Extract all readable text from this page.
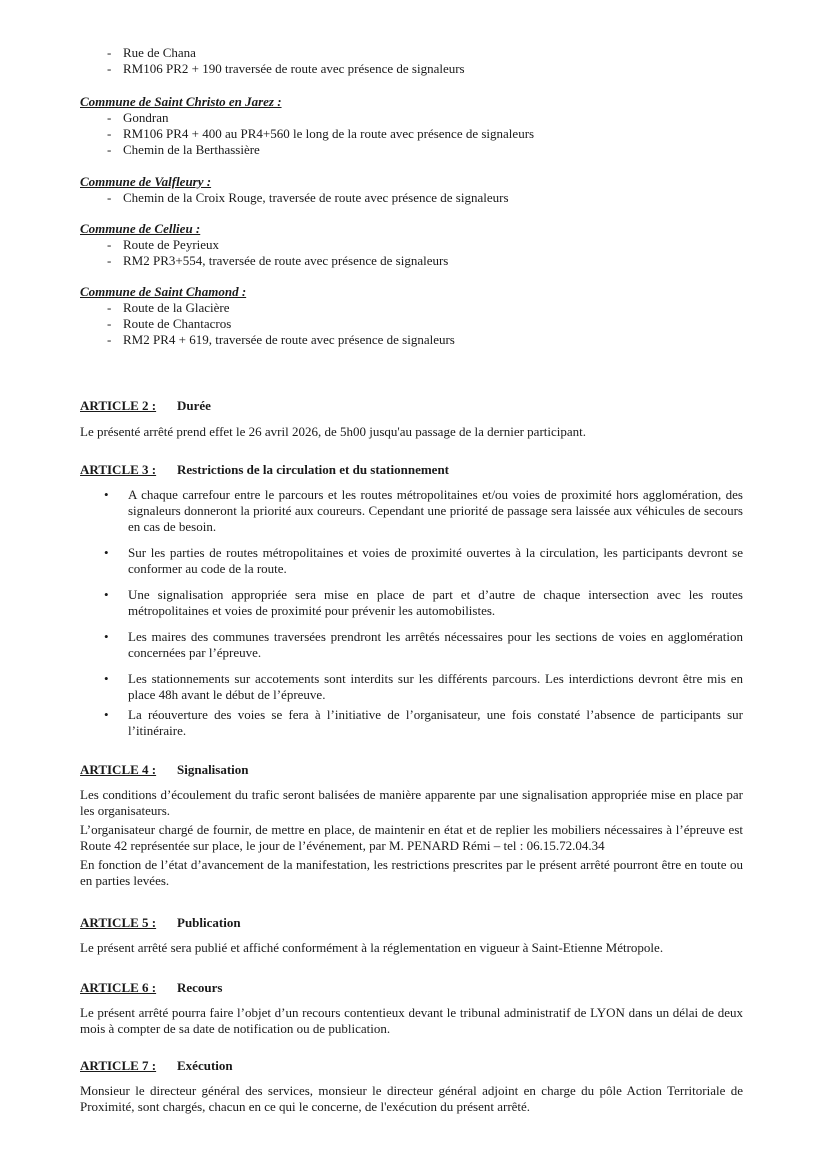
- Rue de Chana
- RM106 PR2 + 190 traversée de route avec présence de signaleurs
Commune de Saint Christo en Jarez :
- Gondran
- RM106 PR4 + 400 au PR4+560 le long de la route avec présence de signaleurs
- Chemin de la Berthassière
Commune de Valfleury :
- Chemin de la Croix Rouge, traversée de route avec présence de signaleurs
Commune de Cellieu :
- Route de Peyrieux
- RM2 PR3+554, traversée de route avec présence de signaleurs
Commune de Saint Chamond :
- Route de la Glacière
- Route de Chantacros
- RM2 PR4 + 619, traversée de route avec présence de signaleurs
ARTICLE 2 : Durée

Le présenté arrêté prend effet le 26 avril 2026, de 5h00 jusqu'au passage de la dernier participant.

ARTICLE 3 : Restrictions de la circulation et du stationnement
• A chaque carrefour entre le parcours et les routes métropolitaines et/ou voies de proximité hors agglomération, des signaleurs donneront la priorité aux coureurs. Cependant une priorité de passage sera laissée aux véhicules de secours en cas de besoin.
• Sur les parties de routes métropolitaines et voies de proximité ouvertes à la circulation, les participants devront se conformer au code de la route.
• Une signalisation appropriée sera mise en place de part et d’autre de chaque intersection avec les routes métropolitaines et voies de proximité pour prévenir les automobilistes.
• Les maires des communes traversées prendront les arrêtés nécessaires pour les sections de voies en agglomération concernées par l’épreuve.
• Les stationnements sur accotements sont interdits sur les différents parcours. Les interdictions devront être mis en place 48h avant le début de l’épreuve.
• La réouverture des voies se fera à l’initiative de l’organisateur, une fois constaté l’absence de participants sur l’itinéraire.
ARTICLE 4 : Signalisation

Les conditions d’écoulement du trafic seront balisées de manière apparente par une signalisation appropriée mise en place par les organisateurs.

L’organisateur chargé de fournir, de mettre en place, de maintenir en état et de replier les mobiliers nécessaires à l’épreuve est Route 42 représentée sur place, le jour de l’événement, par M. PENARD Rémi – tel : 06.15.72.04.34

En fonction de l’état d’avancement de la manifestation, les restrictions prescrites par le présent arrêté pourront être en toute ou en parties levées.

ARTICLE 5 : Publication

Le présent arrêté sera publié et affiché conformément à la réglementation en vigueur à Saint-Etienne Métropole.

ARTICLE 6 : Recours

Le présent arrêté pourra faire l’objet d’un recours contentieux devant le tribunal administratif de LYON dans un délai de deux mois à compter de sa date de notification ou de publication.

ARTICLE 7 : Exécution

Monsieur le directeur général des services, monsieur le directeur général adjoint en charge du pôle Action Territoriale de Proximité, sont chargés, chacun en ce qui le concerne, de l'exécution du présent arrêté.
